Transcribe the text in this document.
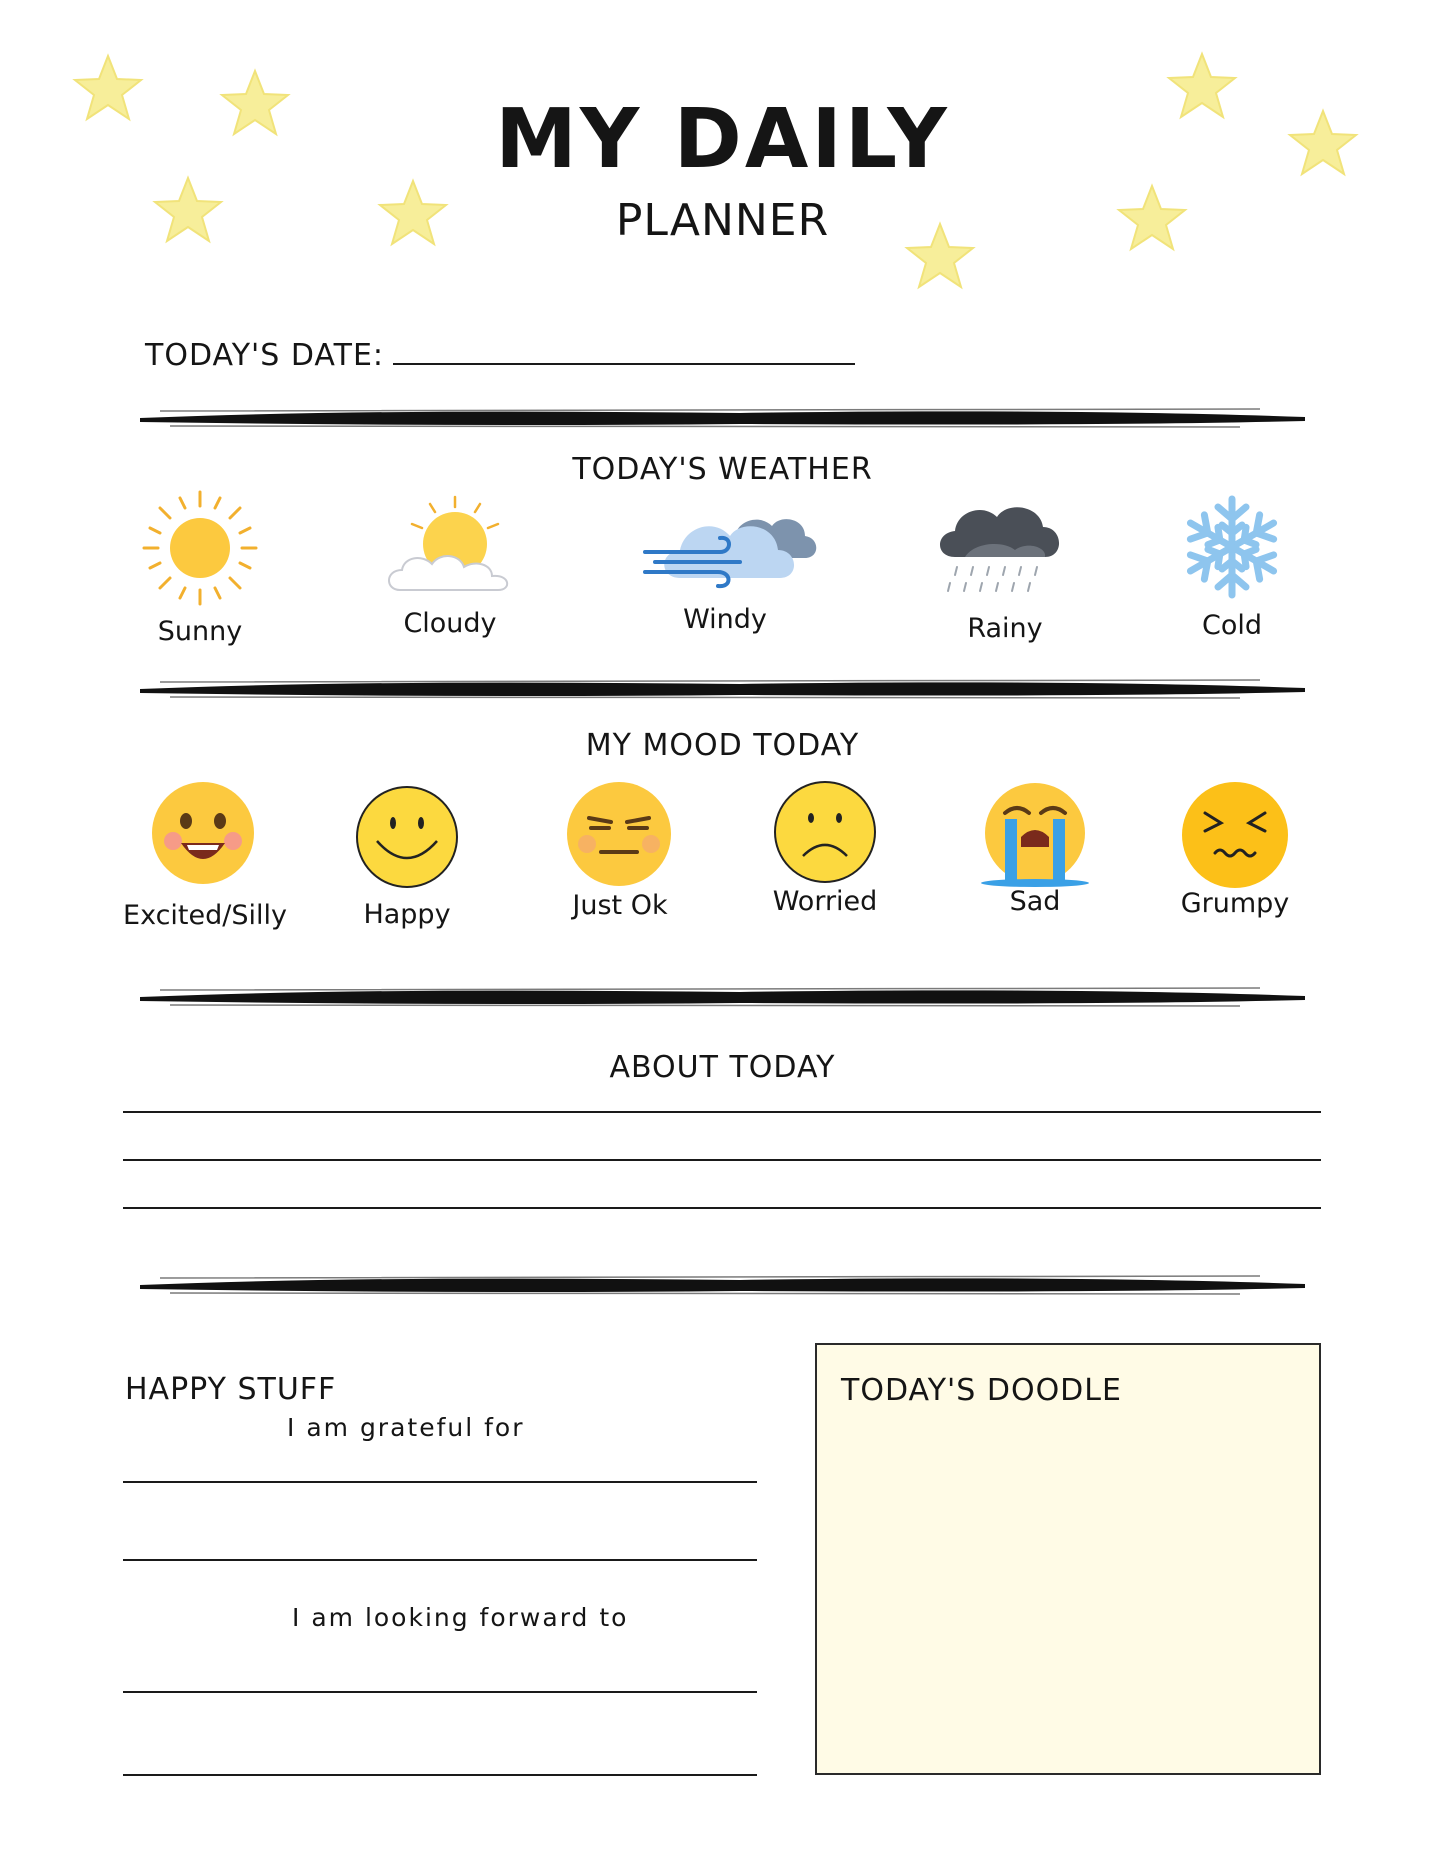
MY DAILY
PLANNER
TODAY'S DATE:
TODAY'S WEATHER
Sunny	Cloudy	Windy	Rainy	Cold
MY MOOD TODAY
Excited/Silly	Happy	Just Ok	Worried	Sad	Grumpy
ABOUT TODAY
HAPPY STUFF
I am grateful for
I am looking forward to
TODAY'S DOODLE
